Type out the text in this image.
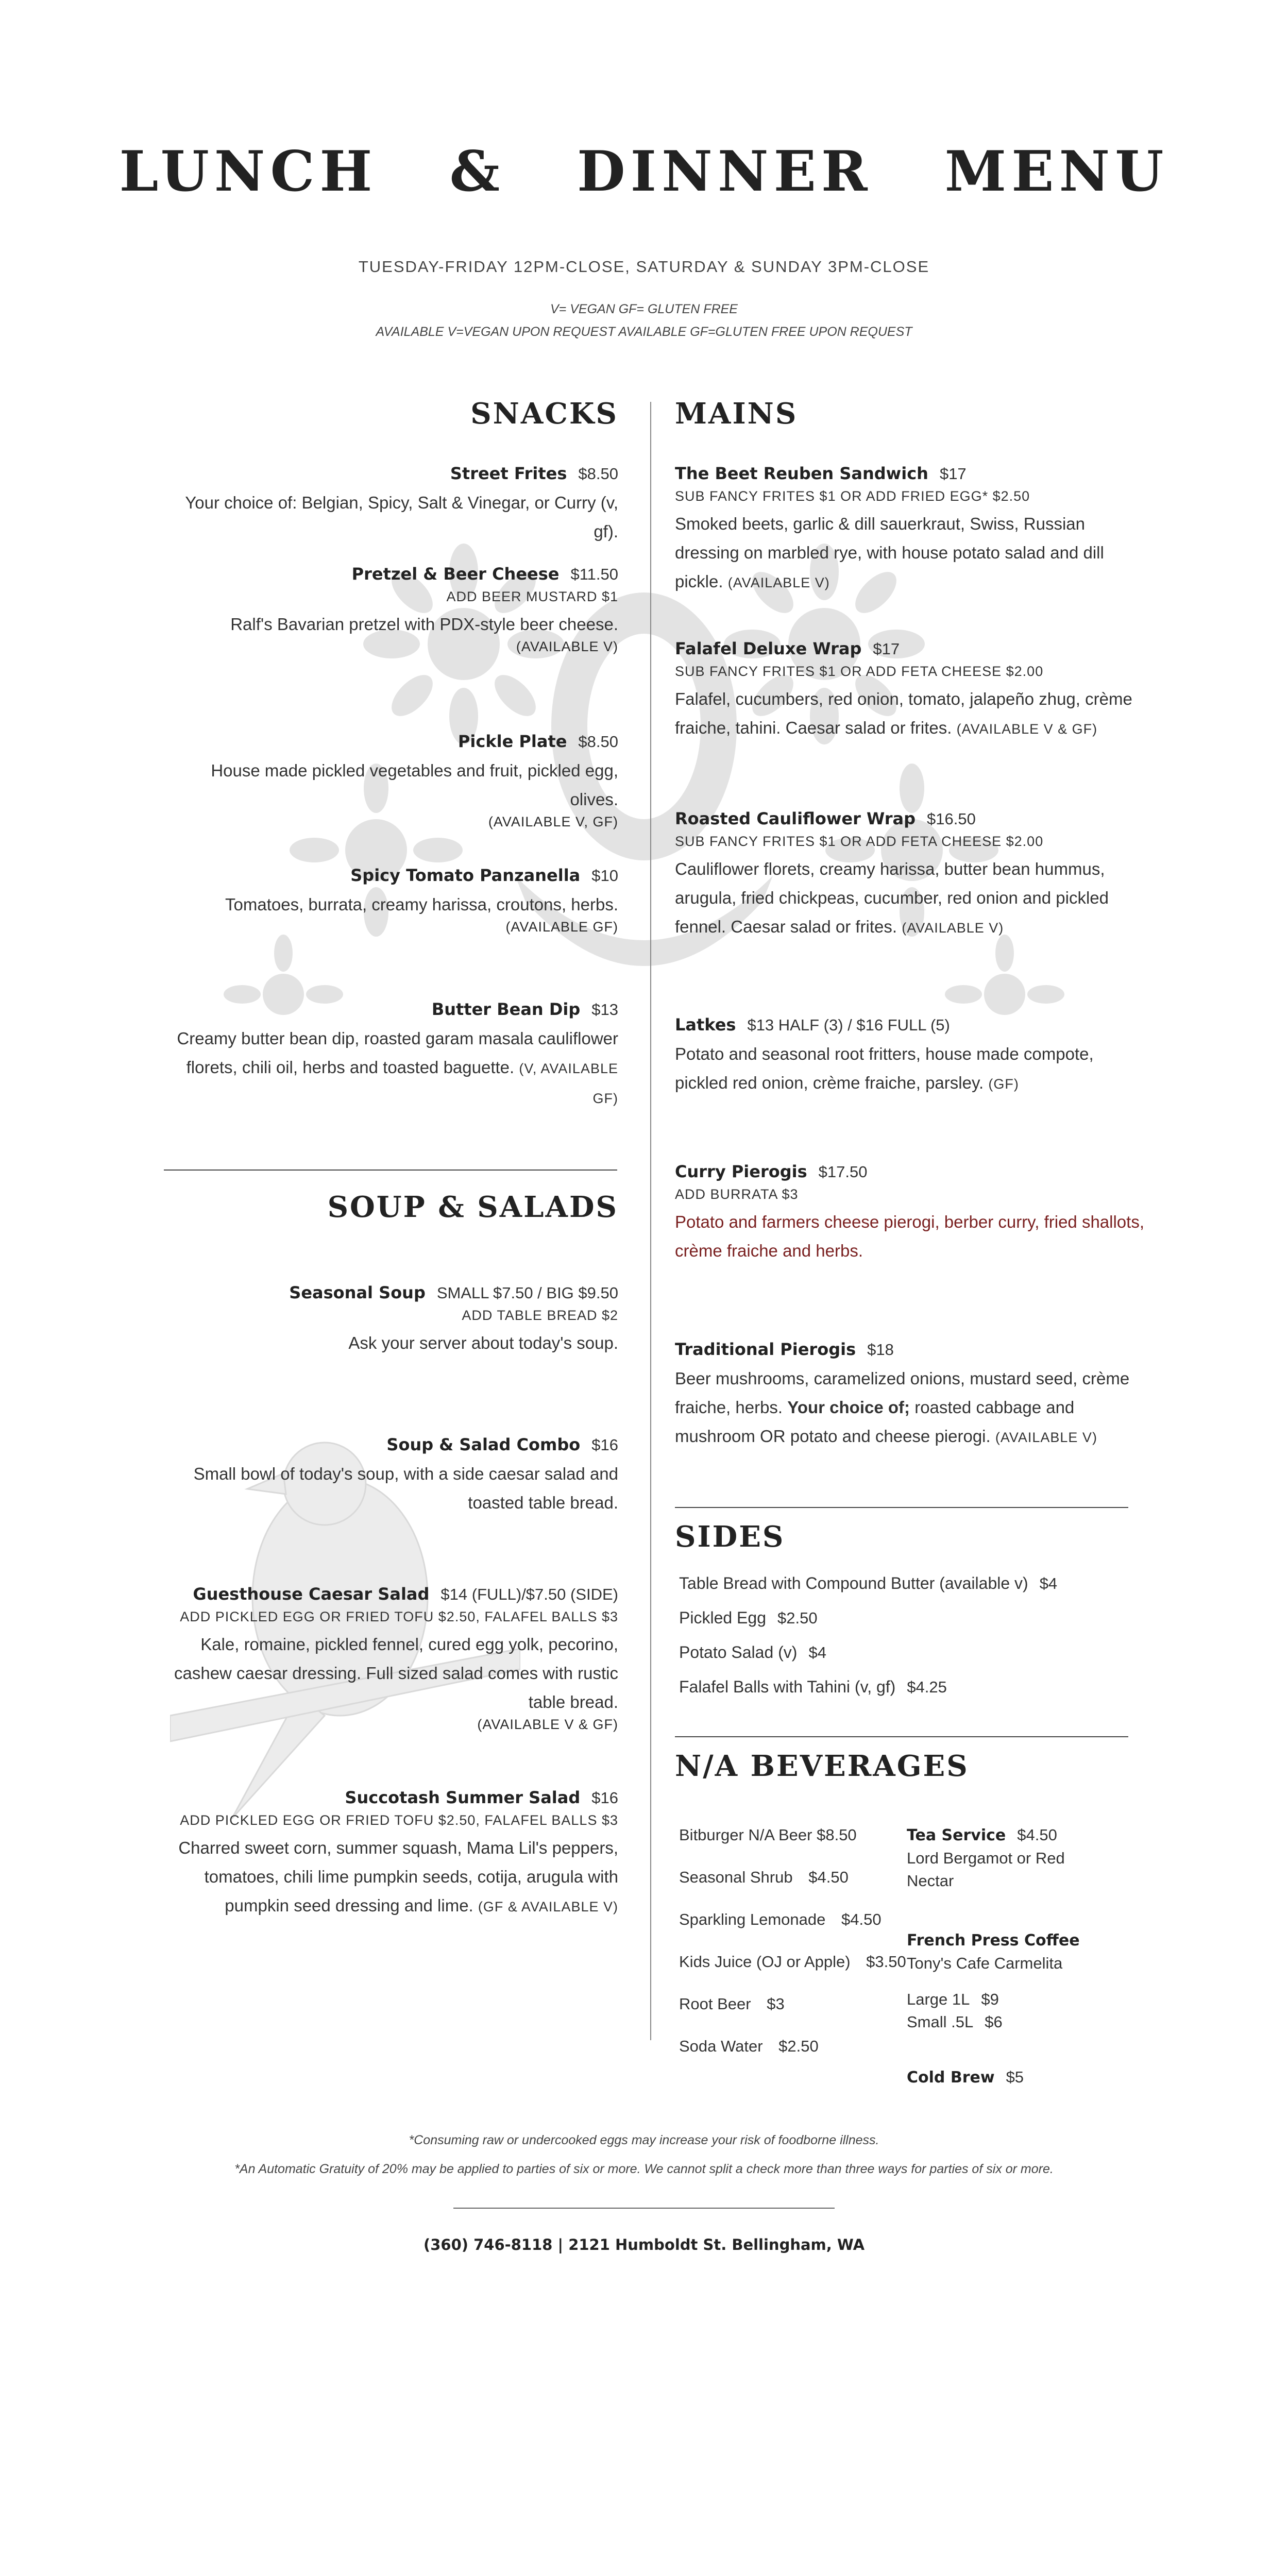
LUNCH & DINNER MENU
TUESDAY-FRIDAY 12PM-CLOSE, SATURDAY & SUNDAY 3PM-CLOSE
V= VEGAN GF= GLUTEN FREE
AVAILABLE V=VEGAN UPON REQUEST AVAILABLE GF=GLUTEN FREE UPON REQUEST
SNACKS
Street Frites $8.50
Your choice of: Belgian, Spicy, Salt & Vinegar, or Curry (v, gf).
Pretzel & Beer Cheese $11.50
ADD BEER MUSTARD $1
Ralf's Bavarian pretzel with PDX-style beer cheese.
(AVAILABLE V)
Pickle Plate $8.50
House made pickled vegetables and fruit, pickled egg, olives.
(AVAILABLE V, GF)
Spicy Tomato Panzanella $10
Tomatoes, burrata, creamy harissa, croutons, herbs.
(AVAILABLE GF)
Butter Bean Dip $13
Creamy butter bean dip, roasted garam masala cauliflower florets, chili oil, herbs and toasted baguette. (V, AVAILABLE GF)
SOUP & SALADS
Seasonal Soup SMALL $7.50 / BIG $9.50
ADD TABLE BREAD $2
Ask your server about today's soup.
Soup & Salad Combo $16
Small bowl of today's soup, with a side caesar salad and toasted table bread.
Guesthouse Caesar Salad $14 (FULL)/$7.50 (SIDE)
ADD PICKLED EGG OR FRIED TOFU $2.50, FALAFEL BALLS $3
Kale, romaine, pickled fennel, cured egg yolk, pecorino, cashew caesar dressing. Full sized salad comes with rustic table bread.
(AVAILABLE V & GF)
Succotash Summer Salad $16
ADD PICKLED EGG OR FRIED TOFU $2.50, FALAFEL BALLS $3
Charred sweet corn, summer squash, Mama Lil's peppers, tomatoes, chili lime pumpkin seeds, cotija, arugula with pumpkin seed dressing and lime. (GF & AVAILABLE V)
MAINS
The Beet Reuben Sandwich $17
SUB FANCY FRITES $1 OR ADD FRIED EGG* $2.50
Smoked beets, garlic & dill sauerkraut, Swiss, Russian dressing on marbled rye, with house potato salad and dill pickle. (AVAILABLE V)
Falafel Deluxe Wrap $17
SUB FANCY FRITES $1 OR ADD FETA CHEESE $2.00
Falafel, cucumbers, red onion, tomato, jalapeño zhug, crème fraiche, tahini. Caesar salad or frites. (AVAILABLE V & GF)
Roasted Cauliflower Wrap $16.50
SUB FANCY FRITES $1 OR ADD FETA CHEESE $2.00
Cauliflower florets, creamy harissa, butter bean hummus, arugula, fried chickpeas, cucumber, red onion and pickled fennel. Caesar salad or frites. (AVAILABLE V)
Latkes $13 HALF (3) / $16 FULL (5)
Potato and seasonal root fritters, house made compote, pickled red onion, crème fraiche, parsley. (GF)
Curry Pierogis $17.50
ADD BURRATA $3
Potato and farmers cheese pierogi, berber curry, fried shallots, crème fraiche and herbs.
Traditional Pierogis $18
Beer mushrooms, caramelized onions, mustard seed, crème fraiche, herbs. Your choice of; roasted cabbage and mushroom OR potato and cheese pierogi. (AVAILABLE V)
SIDES
Table Bread with Compound Butter (available v) $4
Pickled Egg $2.50
Potato Salad (v) $4
Falafel Balls with Tahini (v, gf) $4.25
N/A BEVERAGES
Bitburger N/A Beer $8.50
Seasonal Shrub $4.50
Sparkling Lemonade $4.50
Kids Juice (OJ or Apple) $3.50
Root Beer $3
Soda Water $2.50
Tea Service $4.50
Lord Bergamot or Red Nectar
French Press Coffee
Tony's Cafe Carmelita
Large 1L $9
Small .5L $6
Cold Brew $5
*Consuming raw or undercooked eggs may increase your risk of foodborne illness.
*An Automatic Gratuity of 20% may be applied to parties of six or more. We cannot split a check more than three ways for parties of six or more.
(360) 746-8118 | 2121 Humboldt St. Bellingham, WA
